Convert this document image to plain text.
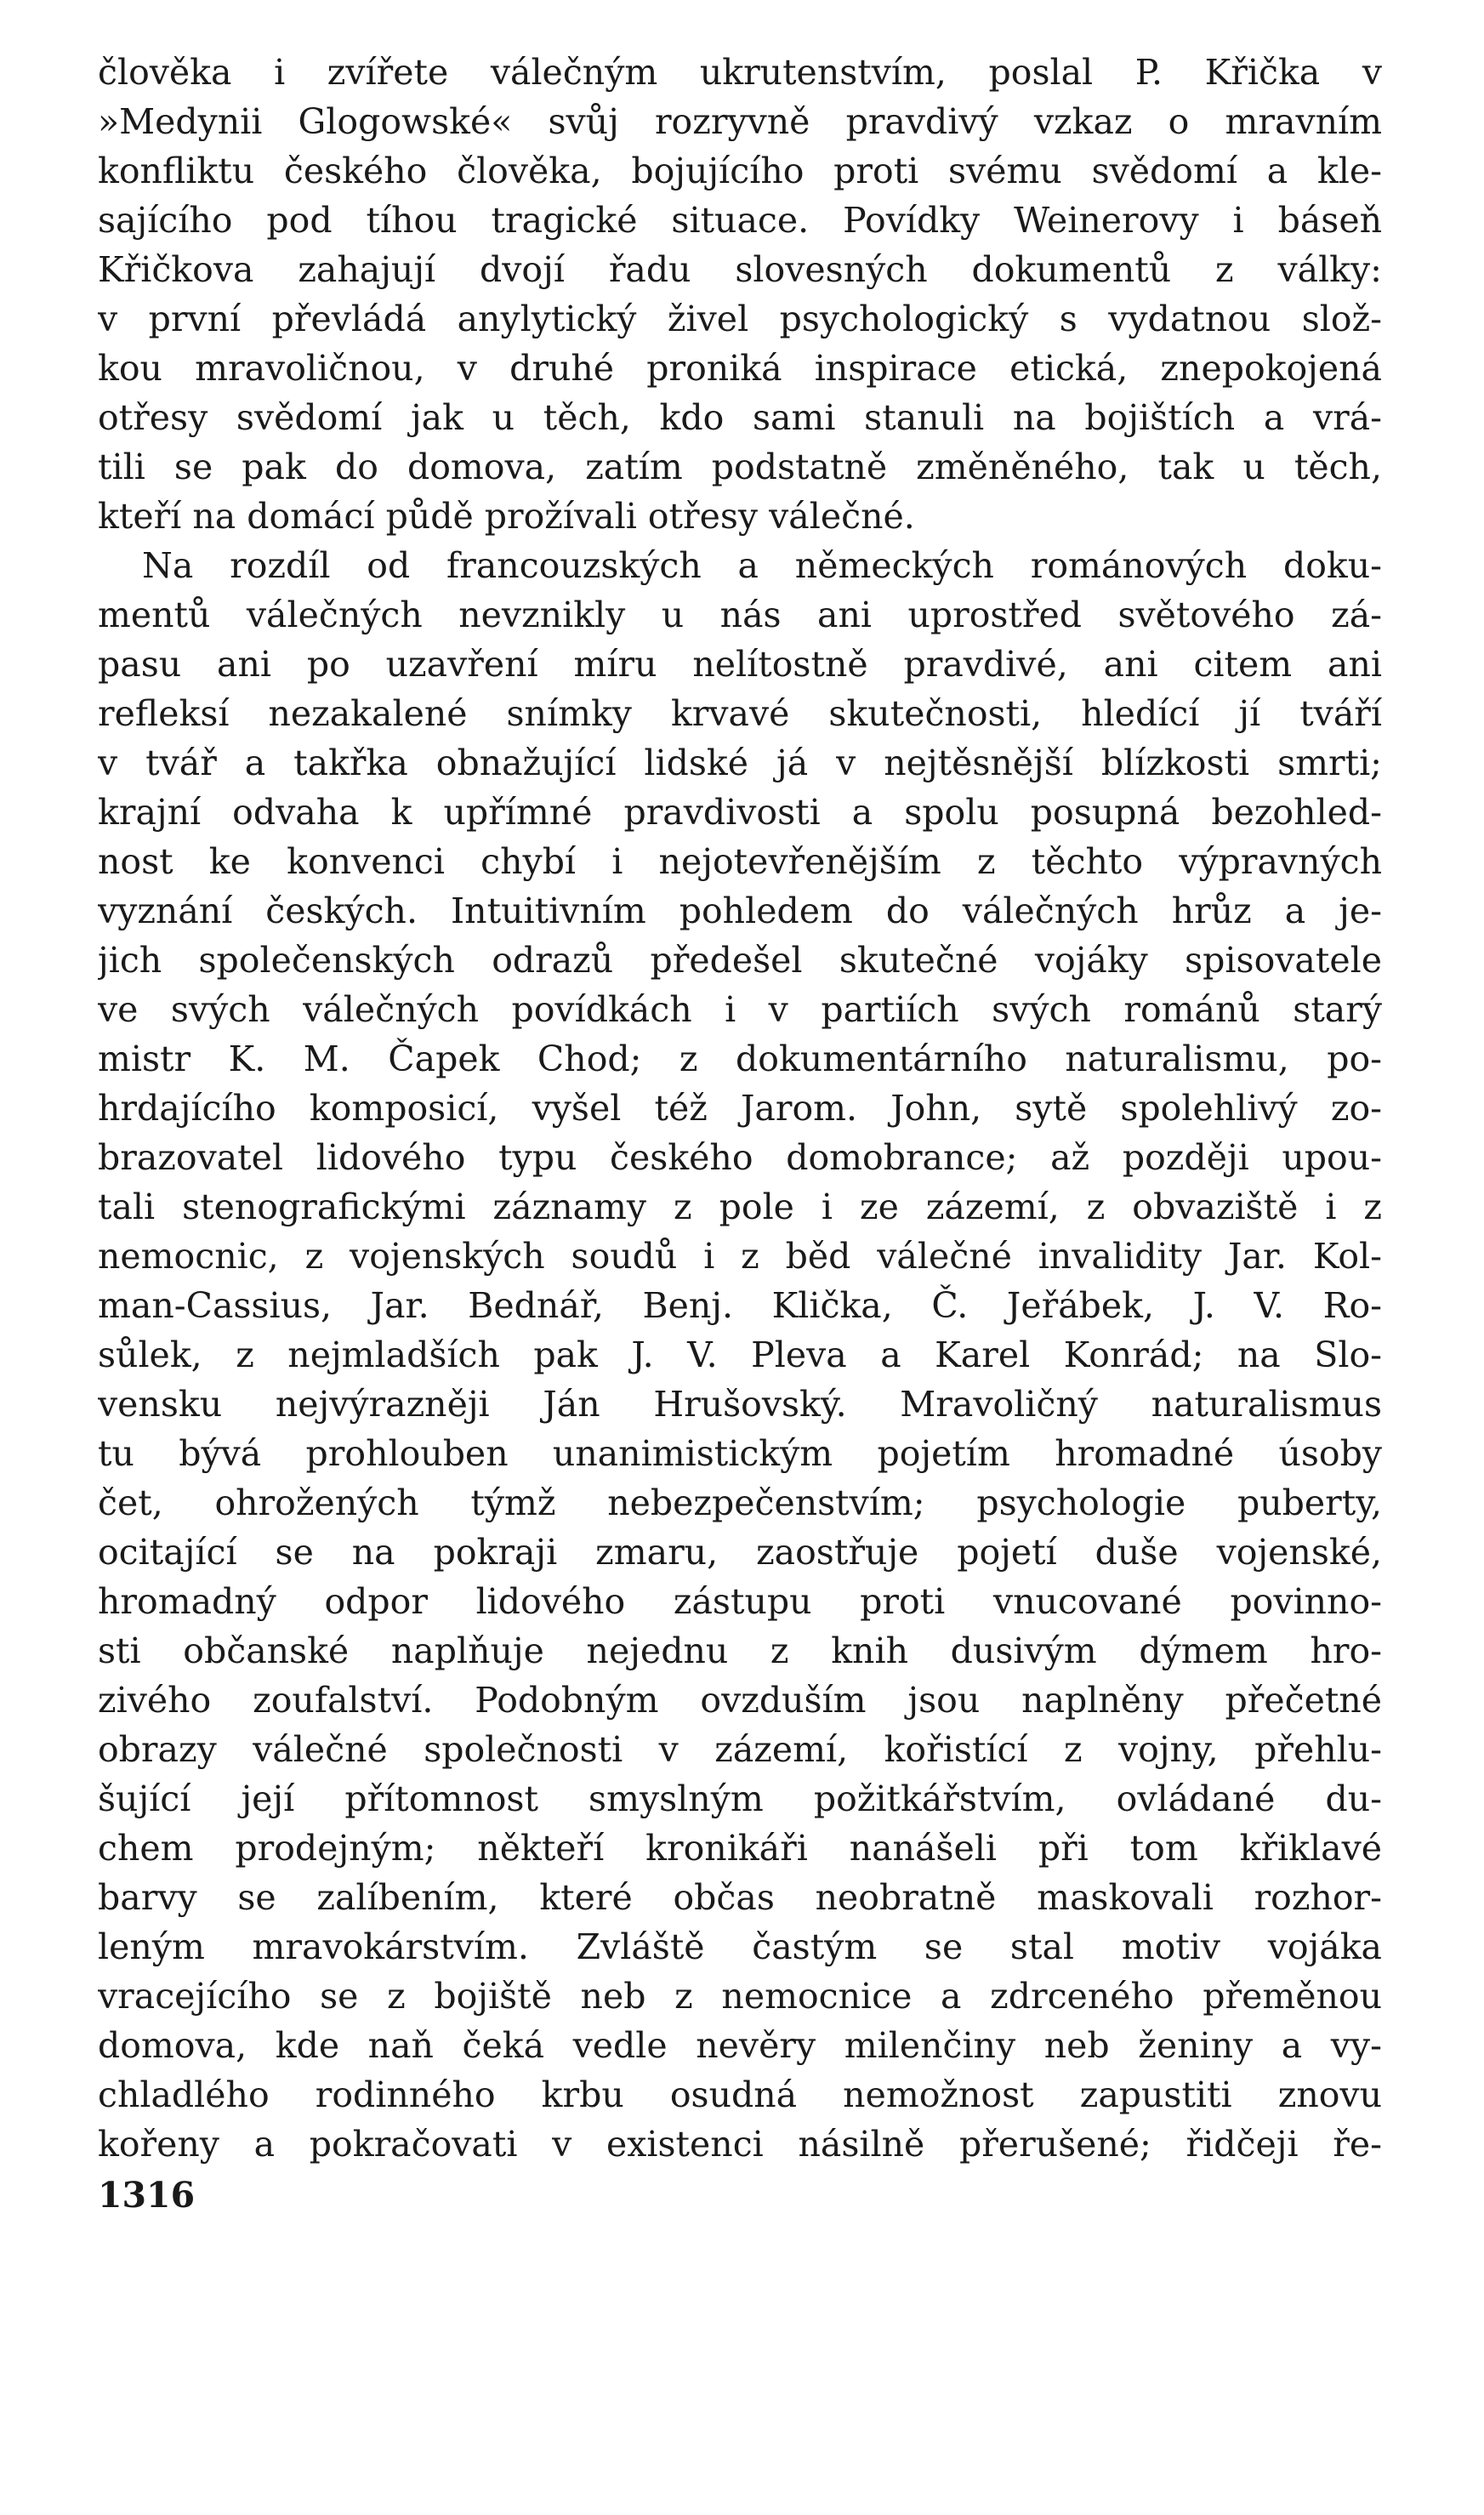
člověka i zvířete válečným ukrutenstvím, poslal P. Křička v
»Medynii Glogowské« svůj rozryvně pravdivý vzkaz o mravním
konfliktu českého člověka, bojujícího proti svému svědomí a kle-
sajícího pod tíhou tragické situace. Povídky Weinerovy i báseň
Křičkova zahajují dvojí řadu slovesných dokumentů z války:
v první převládá anylytický živel psychologický s vydatnou slož-
kou mravoličnou, v druhé proniká inspirace etická, znepokojená
otřesy svědomí jak u těch, kdo sami stanuli na bojištích a vrá-
tili se pak do domova, zatím podstatně změněného, tak u těch,
kteří na domácí půdě prožívali otřesy válečné.
Na rozdíl od francouzských a německých románových doku-
mentů válečných nevznikly u nás ani uprostřed světového zá-
pasu ani po uzavření míru nelítostně pravdivé, ani citem ani
refleksí nezakalené snímky krvavé skutečnosti, hledící jí tváří
v tvář a takřka obnažující lidské já v nejtěsnější blízkosti smrti;
krajní odvaha k upřímné pravdivosti a spolu posupná bezohled-
nost ke konvenci chybí i nejotevřenějším z těchto výpravných
vyznání českých. Intuitivním pohledem do válečných hrůz a je-
jich společenských odrazů předešel skutečné vojáky spisovatele
ve svých válečných povídkách i v partiích svých románů starý
mistr K. M. Čapek Chod; z dokumentárního naturalismu, po-
hrdajícího komposicí, vyšel též Jarom. John, sytě spolehlivý zo-
brazovatel lidového typu českého domobrance; až později upou-
tali stenografickými záznamy z pole i ze zázemí, z obvaziště i z
nemocnic, z vojenských soudů i z běd válečné invalidity Jar. Kol-
man-Cassius, Jar. Bednář, Benj. Klička, Č. Jeřábek, J. V. Ro-
sůlek, z nejmladších pak J. V. Pleva a Karel Konrád; na Slo-
vensku nejvýrazněji Ján Hrušovský. Mravoličný naturalismus
tu bývá prohlouben unanimistickým pojetím hromadné úsoby
čet, ohrožených týmž nebezpečenstvím; psychologie puberty,
ocitající se na pokraji zmaru, zaostřuje pojetí duše vojenské,
hromadný odpor lidového zástupu proti vnucované povinno-
sti občanské naplňuje nejednu z knih dusivým dýmem hro-
zivého zoufalství. Podobným ovzduším jsou naplněny přečetné
obrazy válečné společnosti v zázemí, kořistící z vojny, přehlu-
šující její přítomnost smyslným požitkářstvím, ovládané du-
chem prodejným; někteří kronikáři nanášeli při tom křiklavé
barvy se zalíbením, které občas neobratně maskovali rozhor-
leným mravokárstvím. Zvláště častým se stal motiv vojáka
vracejícího se z bojiště neb z nemocnice a zdrceného přeměnou
domova, kde naň čeká vedle nevěry milenčiny neb ženiny a vy-
chladlého rodinného krbu osudná nemožnost zapustiti znovu
kořeny a pokračovati v existenci násilně přerušené; řidčeji ře-
1316
